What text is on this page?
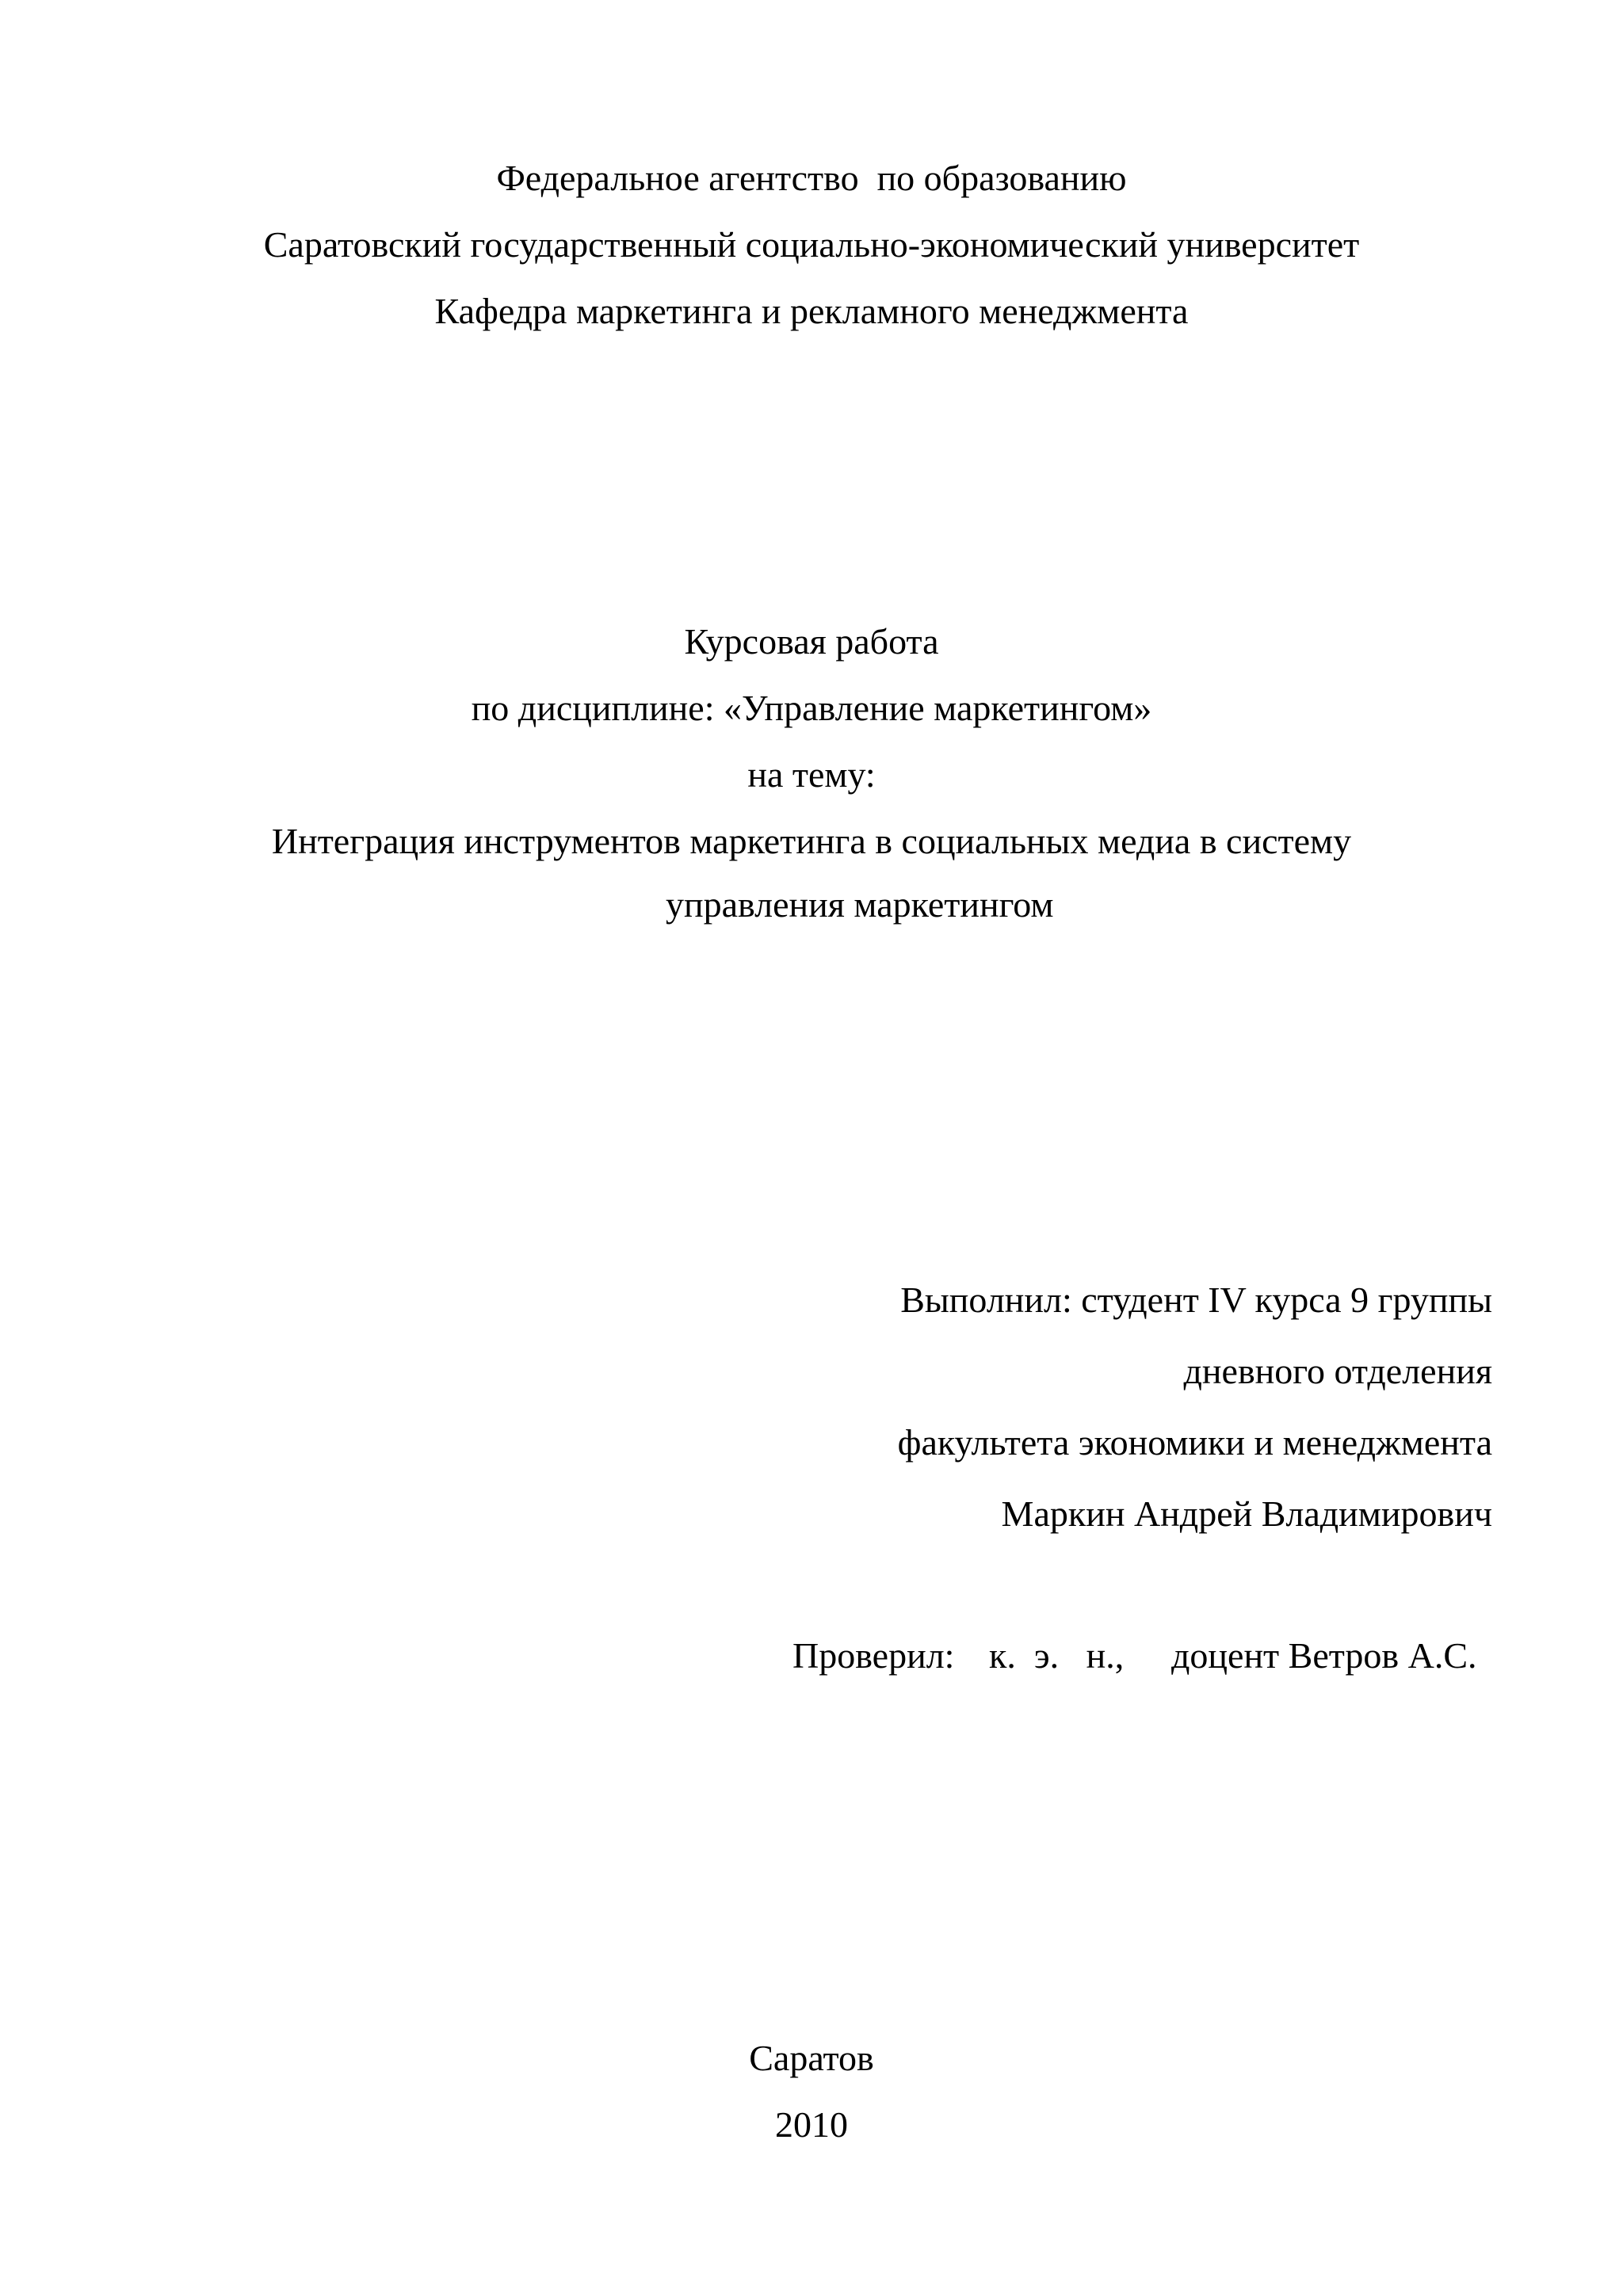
Федеральное агентство  по образованию
Саратовский государственный социально-экономический университет
Кафедра маркетинга и рекламного менеджмента
Курсовая работа
по дисциплине: «Управление маркетингом»
на тему:
Интеграция инструментов маркетинга в социальных медиа в систему
управления маркетингом
Выполнил: студент IV курса 9 группы
дневного отделения
факультета экономики и менеджмента
Маркин Андрей Владимирович
Проверил: к.  э.   н., доцент Ветров А.С.
Саратов
2010
